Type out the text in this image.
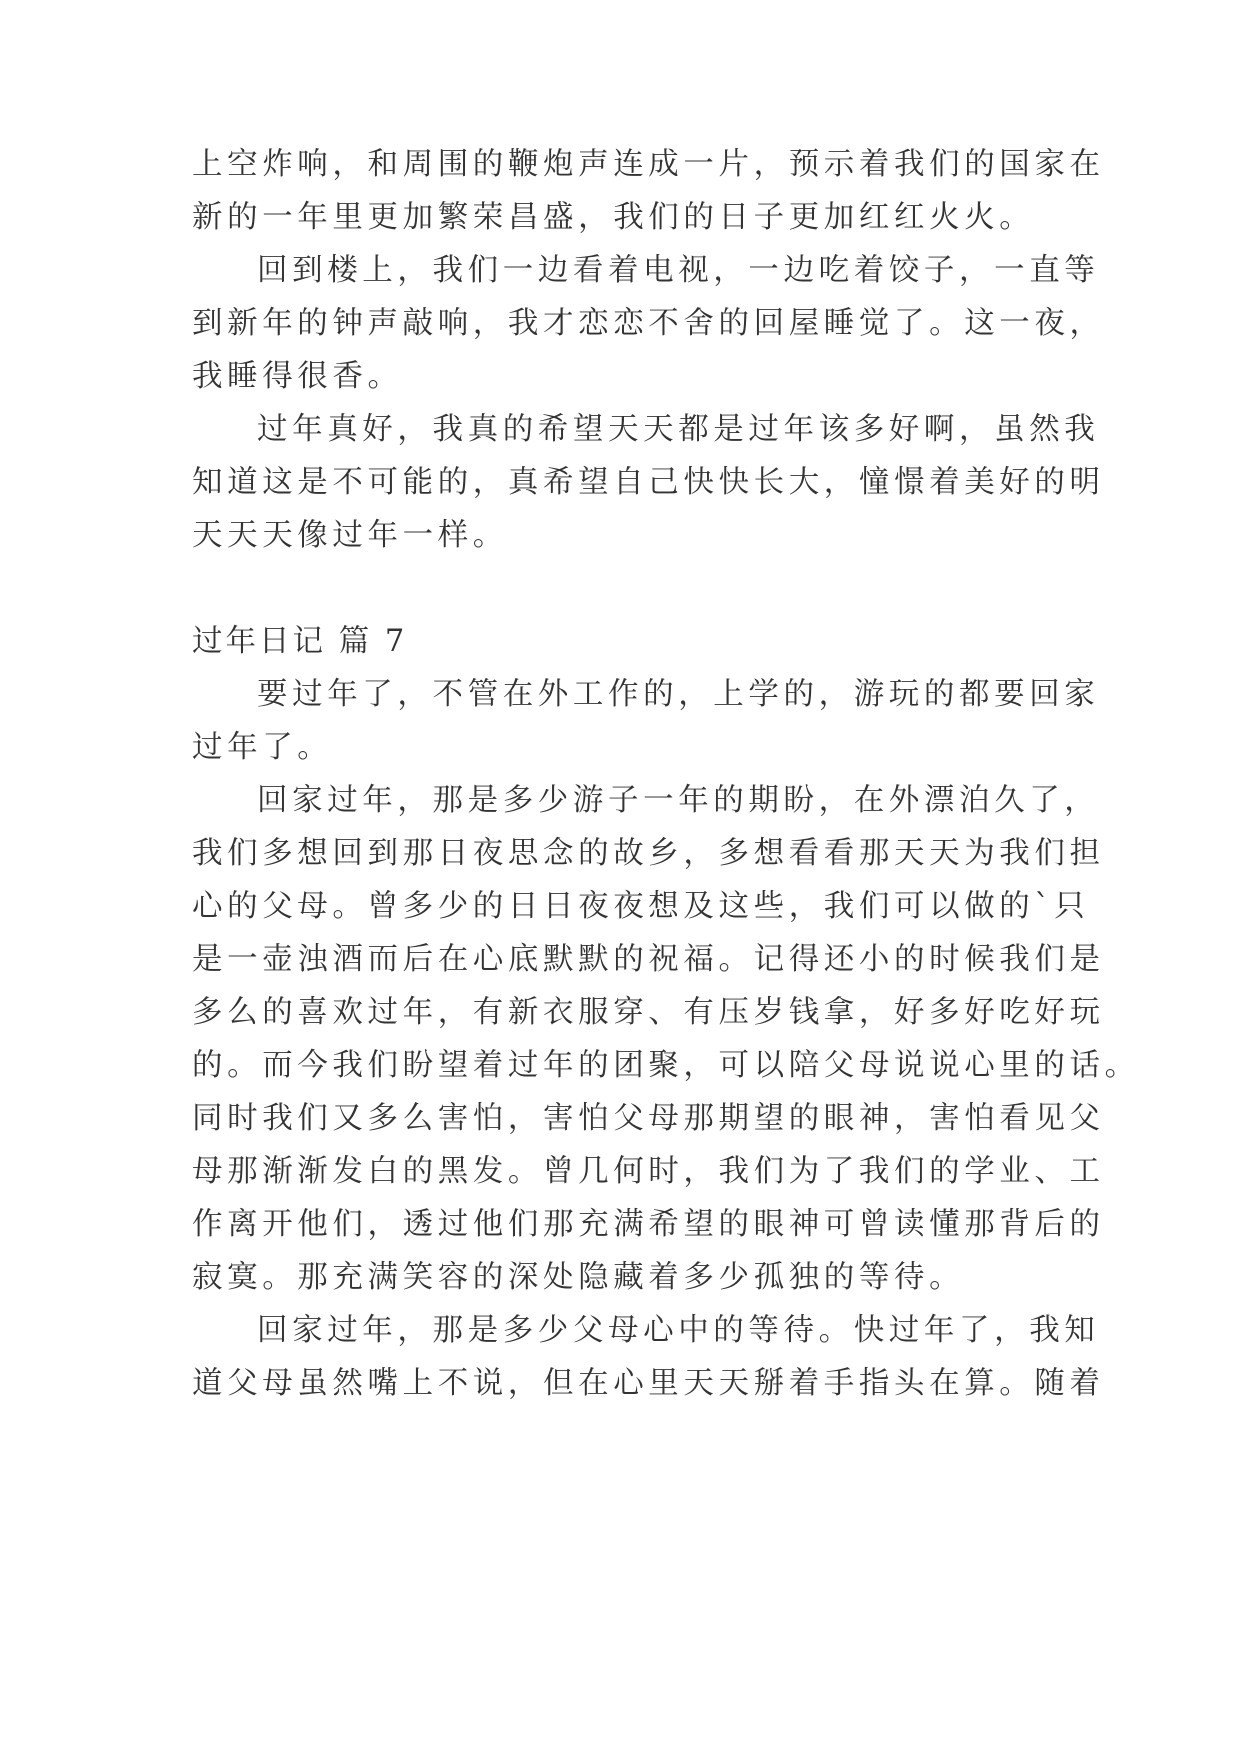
上空炸响，和周围的鞭炮声连成一片，预示着我们的国家在
新的一年里更加繁荣昌盛，我们的日子更加红红火火。
回到楼上，我们一边看着电视，一边吃着饺子，一直等
到新年的钟声敲响，我才恋恋不舍的回屋睡觉了。这一夜，
我睡得很香。
过年真好，我真的希望天天都是过年该多好啊，虽然我
知道这是不可能的，真希望自己快快长大，憧憬着美好的明
天天天像过年一样。
过年日记 篇 7
要过年了，不管在外工作的，上学的，游玩的都要回家
过年了。
回家过年，那是多少游子一年的期盼，在外漂泊久了，
我们多想回到那日夜思念的故乡，多想看看那天天为我们担
心的父母。曾多少的日日夜夜想及这些，我们可以做的`只
是一壶浊酒而后在心底默默的祝福。记得还小的时候我们是
多么的喜欢过年，有新衣服穿、有压岁钱拿，好多好吃好玩
的。而今我们盼望着过年的团聚，可以陪父母说说心里的话。
同时我们又多么害怕，害怕父母那期望的眼神，害怕看见父
母那渐渐发白的黑发。曾几何时，我们为了我们的学业、工
作离开他们，透过他们那充满希望的眼神可曾读懂那背后的
寂寞。那充满笑容的深处隐藏着多少孤独的等待。
回家过年，那是多少父母心中的等待。快过年了，我知
道父母虽然嘴上不说，但在心里天天掰着手指头在算。随着
